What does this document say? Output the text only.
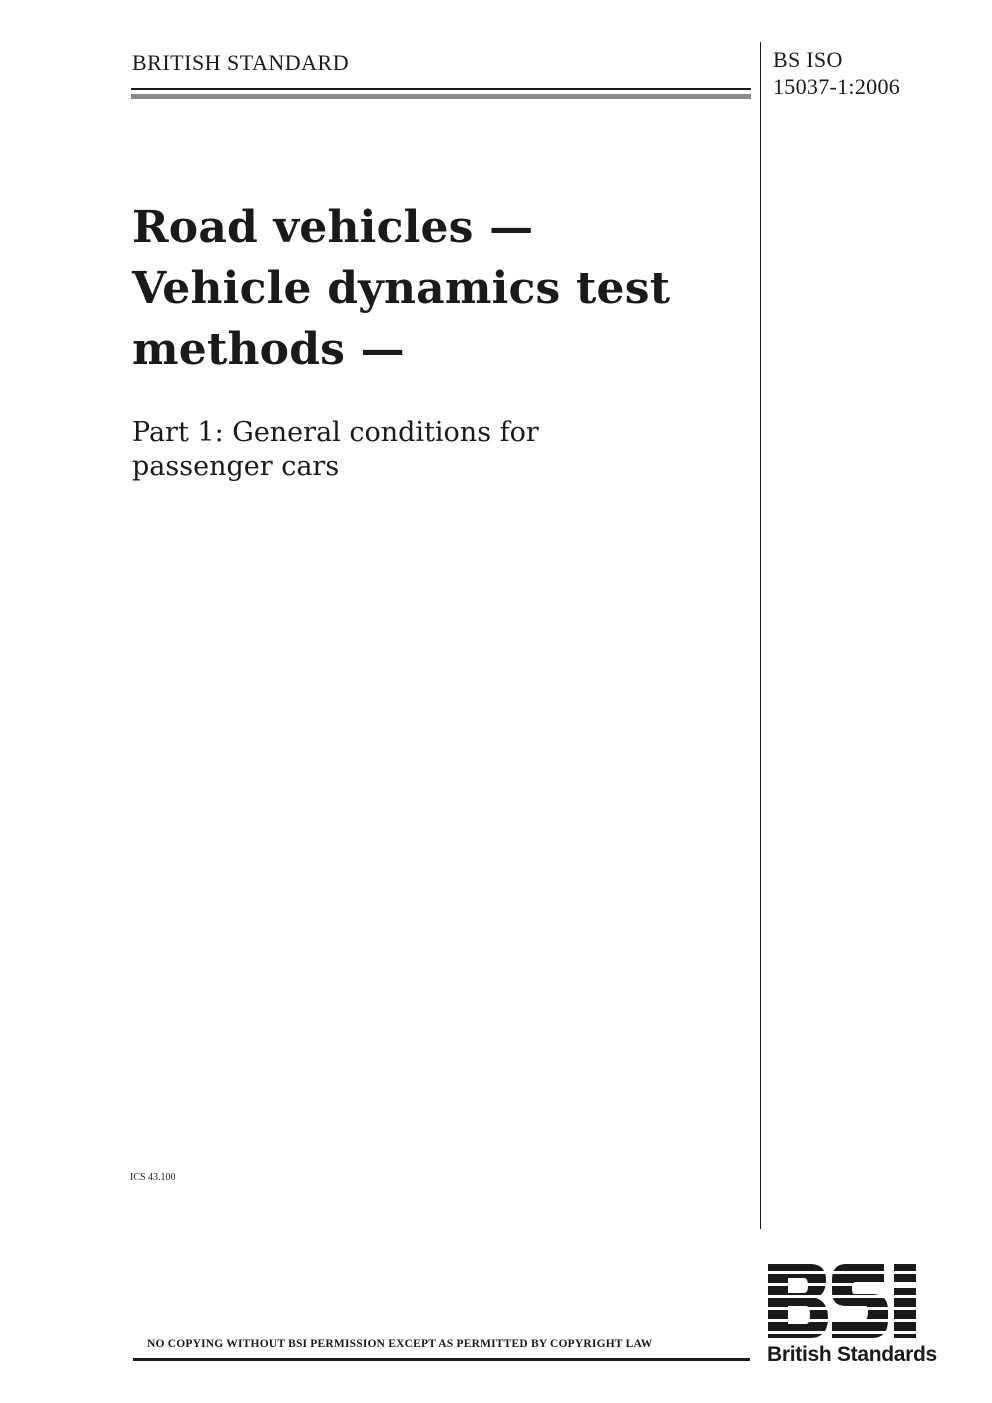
BRITISH STANDARD	BS ISO
15037-1:2006
Road vehicles —
Vehicle dynamics test
methods —
Part 1: General conditions for
passenger cars
ICS 43.100
NO COPYING WITHOUT BSI PERMISSION EXCEPT AS PERMITTED BY COPYRIGHT LAW	British Standards
